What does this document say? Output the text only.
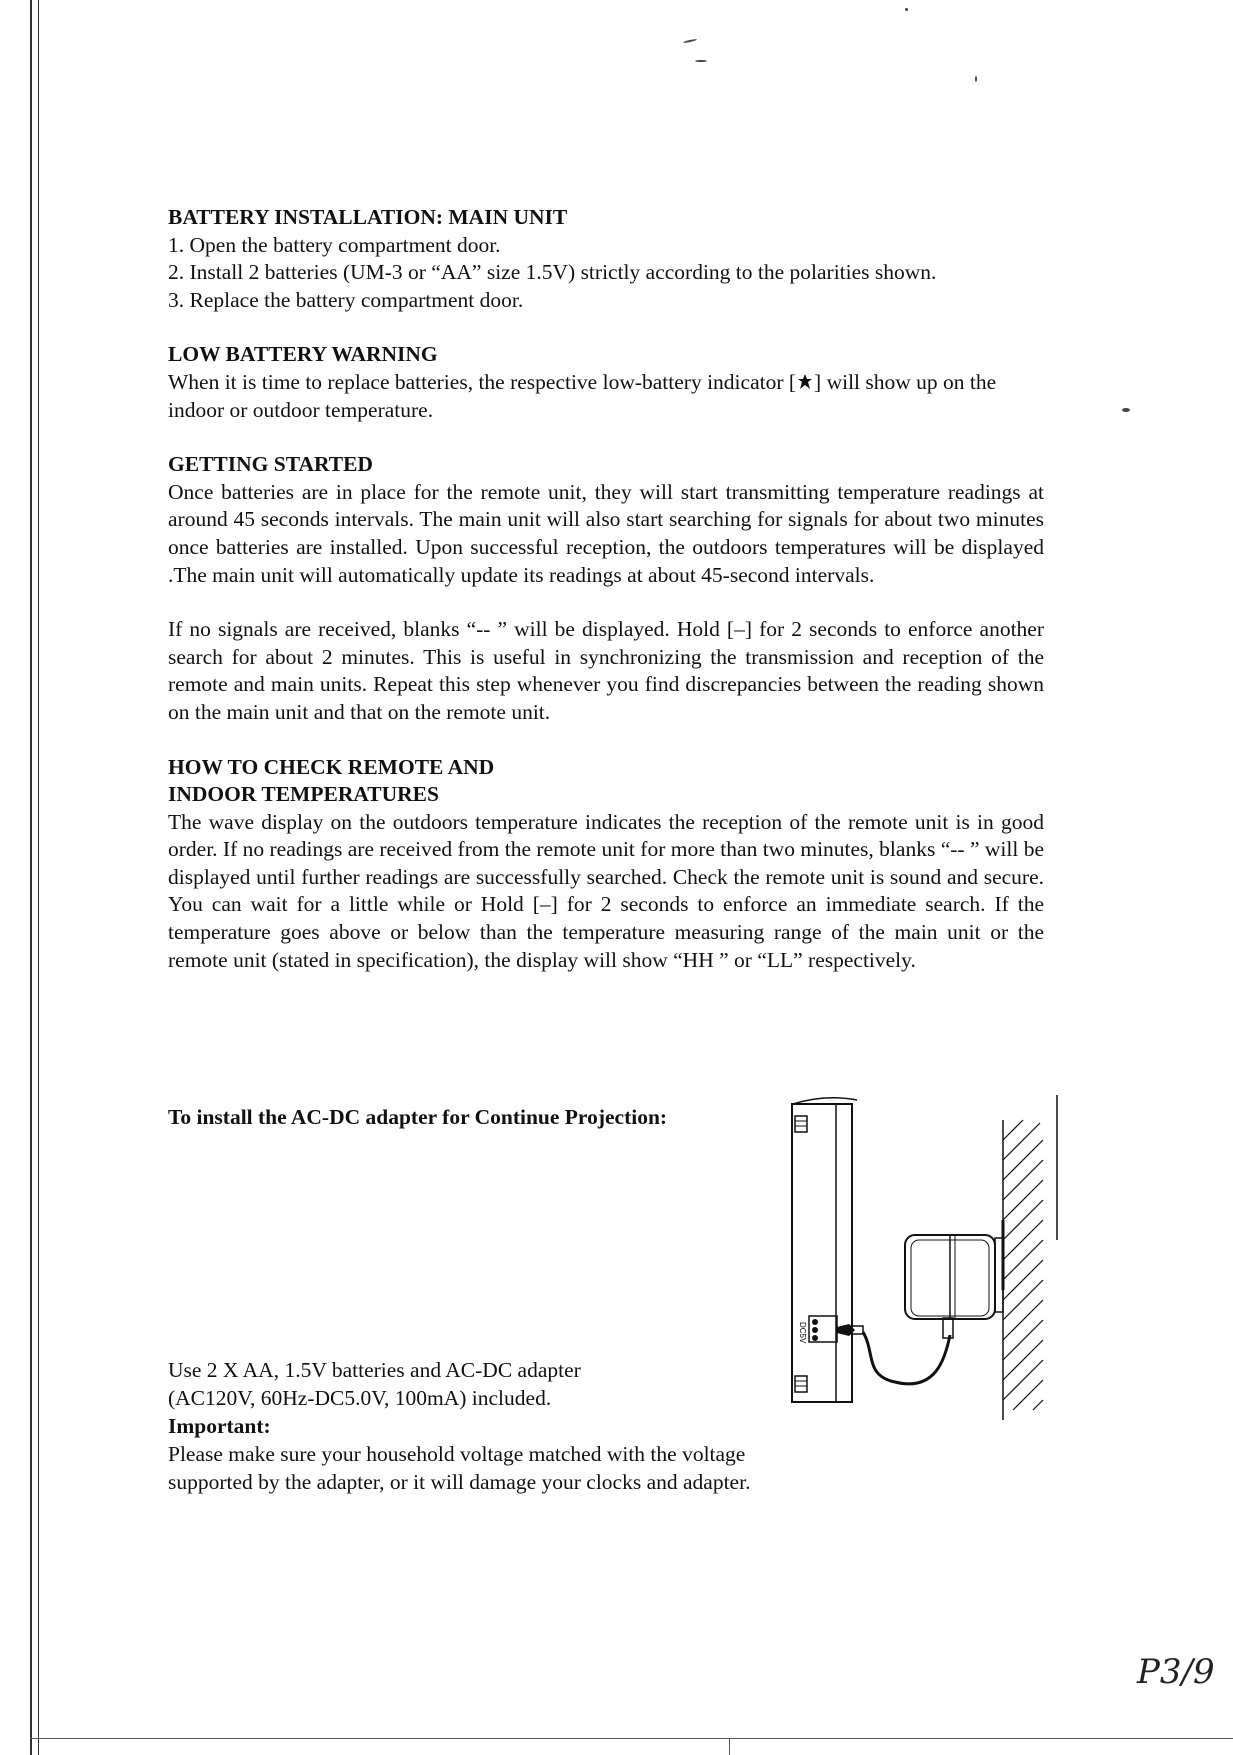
BATTERY INSTALLATION: MAIN UNIT

1. Open the battery compartment door.

2. Install 2 batteries (UM-3 or “AA” size 1.5V) strictly according to the polarities shown.

3. Replace the battery compartment door.

LOW BATTERY WARNING

When it is time to replace batteries, the respective low-battery indicator [ ] will show up on the indoor or outdoor temperature.

GETTING STARTED

Once batteries are in place for the remote unit, they will start transmitting temperature readings at around 45 seconds intervals. The main unit will also start searching for signals for about two minutes once batteries are installed. Upon successful reception, the outdoors temperatures will be displayed .The main unit will automatically update its readings at about 45-second intervals.

If no signals are received, blanks “-- ” will be displayed. Hold [–] for 2 seconds to enforce another search for about 2 minutes. This is useful in synchronizing the transmission and reception of the remote and main units. Repeat this step whenever you find discrepancies between the reading shown on the main unit and that on the remote unit.

HOW TO CHECK REMOTE AND

INDOOR TEMPERATURES

The wave display on the outdoors temperature indicates the reception of the remote unit is in good order. If no readings are received from the remote unit for more than two minutes, blanks “-- ” will be displayed until further readings are successfully searched. Check the remote unit is sound and secure. You can wait for a little while or Hold [–] for 2 seconds to enforce an immediate search. If the temperature goes above or below than the temperature measuring range of the main unit or the remote unit (stated in specification), the display will show “HH ” or “LL” respectively.

To install the AC-DC adapter for Continue Projection:

Use 2 X AA, 1.5V batteries and AC-DC adapter

(AC120V, 60Hz-DC5.0V, 100mA) included.

Important:

Please make sure your household voltage matched with the voltage

supported by the adapter, or it will damage your clocks and adapter.

DC5V
P3/9
